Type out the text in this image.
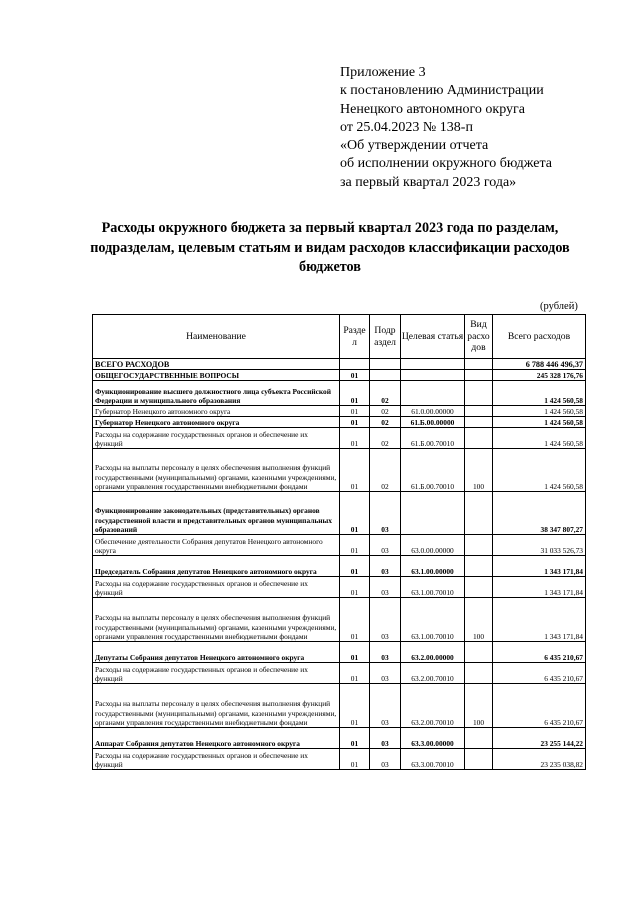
Приложение 3
к постановлению Администрации
Ненецкого автономного округа
от 25.04.2023 № 138-п
«Об утверждении отчета
об исполнении окружного бюджета
за первый квартал 2023 года»
Расходы окружного бюджета за первый квартал 2023 года по разделам, подразделам, целевым статьям и видам расходов классификации расходов бюджетов
(рублей)
Наименование	Разде л	Подр аздел	Целевая статья	Вид расхо дов	Всего расходов
ВСЕГО РАСХОДОВ					6 788 446 496,37
ОБЩЕГОСУДАРСТВЕННЫЕ ВОПРОСЫ	01				245 328 176,76
Функционирование высшего должностного лица субъекта Российской Федерации и муниципального образования	01	02			1 424 560,58
Губернатор Ненецкого автономного округа	01	02	61.0.00.00000		1 424 560,58
Губернатор Ненецкого автономного округа	01	02	61.Б.00.00000		1 424 560,58
Расходы на содержание государственных органов и обеспечение их функций	01	02	61.Б.00.70010		1 424 560,58
Расходы на выплаты персоналу в целях обеспечения выполнения функций государственными (муниципальными) органами, казенными учреждениями, органами управления государственными внебюджетными фондами	01	02	61.Б.00.70010	100	1 424 560,58
Функционирование законодательных (представительных) органов государственной власти и представительных органов муниципальных образований	01	03			38 347 807,27
Обеспечение деятельности Собрания депутатов Ненецкого автономного округа	01	03	63.0.00.00000		31 033 526,73
Председатель Собрания депутатов Ненецкого автономного округа	01	03	63.1.00.00000		1 343 171,84
Расходы на содержание государственных органов и обеспечение их функций	01	03	63.1.00.70010		1 343 171,84
Расходы на выплаты персоналу в целях обеспечения выполнения функций государственными (муниципальными) органами, казенными учреждениями, органами управления государственными внебюджетными фондами	01	03	63.1.00.70010	100	1 343 171,84
Депутаты Собрания депутатов Ненецкого автономного округа	01	03	63.2.00.00000		6 435 210,67
Расходы на содержание государственных органов и обеспечение их функций	01	03	63.2.00.70010		6 435 210,67
Расходы на выплаты персоналу в целях обеспечения выполнения функций государственными (муниципальными) органами, казенными учреждениями, органами управления государственными внебюджетными фондами	01	03	63.2.00.70010	100	6 435 210,67
Аппарат Собрания депутатов Ненецкого автономного округа	01	03	63.3.00.00000		23 255 144,22
Расходы на содержание государственных органов и обеспечение их функций	01	03	63.3.00.70010		23 235 038,82
